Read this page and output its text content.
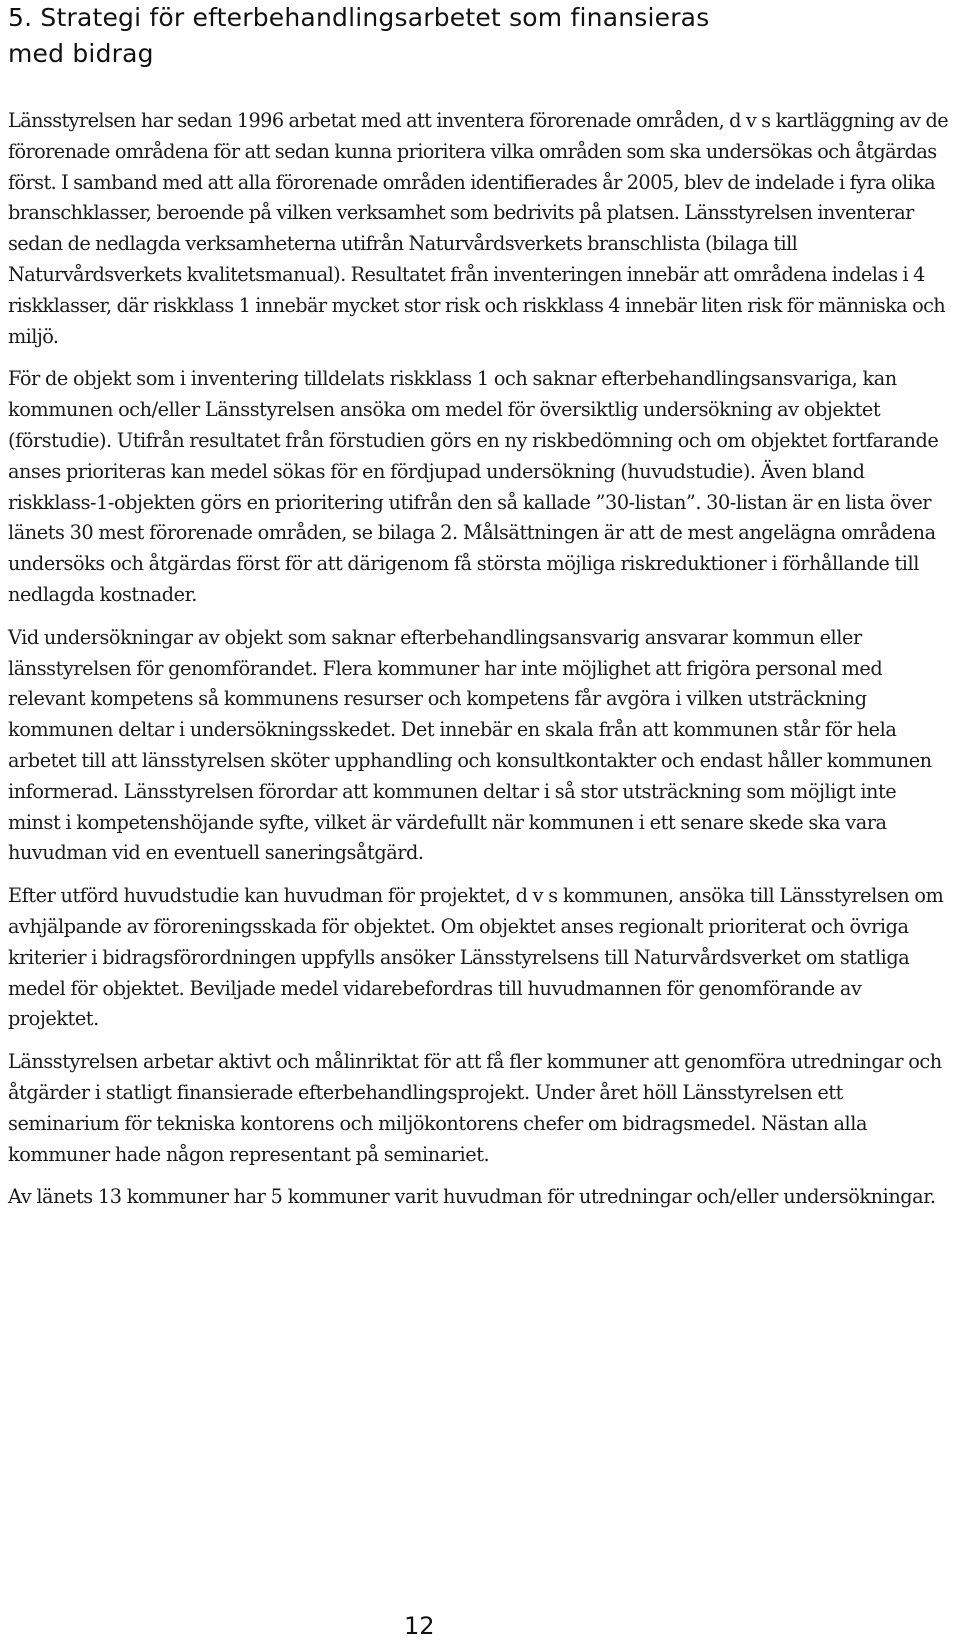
5. Strategi för efterbehandlingsarbetet som finansieras
med bidrag

Länsstyrelsen har sedan 1996 arbetat med att inventera förorenade områden, d v s kartläggning av de förorenade områdena för att sedan kunna prioritera vilka områden som ska undersökas och åtgärdas först. I samband med att alla förorenade områden identifierades år 2005, blev de indelade i fyra olika branschklasser, beroende på vilken verksamhet som bedrivits på platsen. Länsstyrelsen inventerar sedan de nedlagda verksamheterna utifrån Naturvårdsverkets branschlista (bilaga till Naturvårdsverkets kvalitetsmanual). Resultatet från inventeringen innebär att områdena indelas i 4 riskklasser, där riskklass 1 innebär mycket stor risk och riskklass 4 innebär liten risk för människa och miljö.

För de objekt som i inventering tilldelats riskklass 1 och saknar efterbehandlingsansvariga, kan kommunen och/eller Länsstyrelsen ansöka om medel för översiktlig undersökning av objektet (förstudie). Utifrån resultatet från förstudien görs en ny riskbedömning och om objektet fortfarande anses prioriteras kan medel sökas för en fördjupad undersökning (huvudstudie). Även bland riskklass-1-objekten görs en prioritering utifrån den så kallade ”30-listan”. 30-listan är en lista över länets 30 mest förorenade områden, se bilaga 2. Målsättningen är att de mest angelägna områdena undersöks och åtgärdas först för att därigenom få största möjliga riskreduktioner i förhållande till nedlagda kostnader.

Vid undersökningar av objekt som saknar efterbehandlingsansvarig ansvarar kommun eller länsstyrelsen för genomförandet. Flera kommuner har inte möjlighet att frigöra personal med relevant kompetens så kommunens resurser och kompetens får avgöra i vilken utsträckning kommunen deltar i undersökningsskedet. Det innebär en skala från att kommunen står för hela arbetet till att länsstyrelsen sköter upphandling och konsultkontakter och endast håller kommunen informerad. Länsstyrelsen förordar att kommunen deltar i så stor utsträckning som möjligt inte minst i kompetenshöjande syfte, vilket är värdefullt när kommunen i ett senare skede ska vara huvudman vid en eventuell saneringsåtgärd.

Efter utförd huvudstudie kan huvudman för projektet, d v s kommunen, ansöka till Länsstyrelsen om avhjälpande av föroreningsskada för objektet. Om objektet anses regionalt prioriterat och övriga kriterier i bidragsförordningen uppfylls ansöker Länsstyrelsens till Naturvårdsverket om statliga medel för objektet. Beviljade medel vidarebefordras till huvudmannen för genomförande av projektet.

Länsstyrelsen arbetar aktivt och målinriktat för att få fler kommuner att genomföra utredningar och åtgärder i statligt finansierade efterbehandlingsprojekt. Under året höll Länsstyrelsen ett seminarium för tekniska kontorens och miljökontorens chefer om bidragsmedel. Nästan alla kommuner hade någon representant på seminariet.

Av länets 13 kommuner har 5 kommuner varit huvudman för utredningar och/eller undersökningar.

12
